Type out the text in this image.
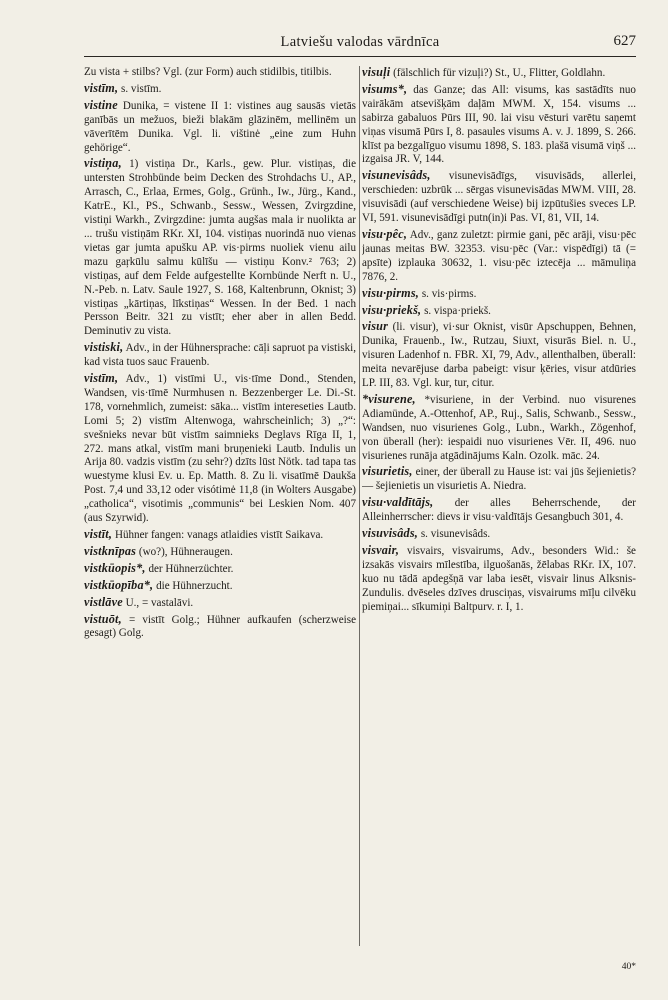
Latviešu valodas vārdnīca	627

Zu vista + stilbs? Vgl. (zur Form) auch stidilbis, titilbis.

vistīm, s. vistīm.

vistine Dunika, = vistene II 1: vistines aug sausās vietās ganībās un mežuos, bieži blakām glāzinēm, mellinēm un vāverītēm Dunika. Vgl. li. vištinė „eine zum Huhn gehörige“.

vistiņa, 1) vistiņa Dr., Karls., gew. Plur. vistiņas, die untersten Strohbünde beim Decken des Strohdachs U., AP., Arrasch, C., Erlaa, Ermes, Golg., Grünh., Iw., Jürg., Kand., KatrE., Kl., PS., Schwanb., Sessw., Wessen, Zvirgzdine, vistiņi Warkh., Zvirgzdine: jumta augšas mala ir nuolikta ar ... trušu vistiņām RKr. XI, 104. vistiņas nuorindā nuo vienas vietas gar jumta apušku AP. vis·pirms nuoliek vienu ailu mazu gaŗkūlu salmu kūlīšu — vistiņu Konv.² 763; 2) vistiņas, auf dem Felde aufgestellte Kornbünde Nerft n. U., N.-Peb. n. Latv. Saule 1927, S. 168, Kaltenbrunn, Oknist; 3) vistiņas „kārtiņas, līkstiņas“ Wessen. In der Bed. 1 nach Persson Beitr. 321 zu vistīt; eher aber in allen Bedd. Deminutiv zu vista.

vistiski, Adv., in der Hühnersprache: cāļi sapruot pa vistiski, kad vista tuos sauc Frauenb.

vistīm, Adv., 1) vistīmi U., vis·tīme Dond., Stenden, Wandsen, vis·tīmē Nurmhusen n. Bezzenberger Le. Di.-St. 178, vornehmlich, zumeist: sāka... vistīm intereseties Lautb. Lomi 5; 2) vistīm Altenwoga, wahrscheinlich; 3) „?“: svešnieks nevar būt vistīm saimnieks Deglavs Rīga II, 1, 272. mans atkal, vistīm mani bruņenieki Lautb. Indulis un Arija 80. vadzis vistīm (zu sehr?) dzīts lūst Nötk. tad tapa tas wuestyme klusi Ev. u. Ep. Matth. 8. Zu li. visatīmē Daukša Post. 7,4 und 33,12 oder visótimė 11,8 (in Wolters Ausgabe) „catholica“, visotimis „communis“ bei Leskien Nom. 407 (aus Szyrwid).

vistīt, Hühner fangen: vanags atlaidies vistīt Saikava.

vistknīpas (wo?), Hühneraugen.

vistkūopis*, der Hühnerzüchter.

vistkūopība*, die Hühnerzucht.

vistlāve U., = vastalāvi.

vistuōt, = vistīt Golg.; Hühner aufkaufen (scherzweise gesagt) Golg.

visuļi (fälschlich für vizuļi?) St., U., Flitter, Goldlahn.

visums*, das Ganze; das All: visums, kas sastādīts nuo vairākām atsevišķām daļām MWM. X, 154. visums ... sabirza gabaluos Pūrs III, 90. lai visu vēsturi varētu saņemt viņas visumā Pūrs I, 8. pasaules visums A. v. J. 1899, S. 266. klīst pa bezgalīguo visumu 1898, S. 183. plašā visumā viņš ... izgaisa JR. V, 144.

visunevisâds, visunevisādīgs, visuvisāds, allerlei, verschieden: uzbrūk ... sērgas visunevisādas MWM. VIII, 28. visuvisādi (auf verschiedene Weise) bij izpūtušies sveces LP. VI, 591. visunevisādīgi putn(in)i Pas. VI, 81, VII, 14.

visu·pêc, Adv., ganz zuletzt: pirmie gani, pēc arāji, visu·pēc jaunas meitas BW. 32353. visu·pēc (Var.: vispēdīgi) tā (= apsīte) izplauka 30632, 1. visu·pēc iztecēja ... māmuliņa 7876, 2.

visu·pirms, s. vis·pirms.

visu·priekš, s. vispa·priekš.

visur (li. visur), vi·sur Oknist, visūr Apschuppen, Behnen, Dunika, Frauenb., Iw., Rutzau, Siuxt, visurās Biel. n. U., visuren Ladenhof n. FBR. XI, 79, Adv., allenthalben, überall: meita nevarējuse darba pabeigt: visur ķēries, visur atdūries LP. III, 83. Vgl. kur, tur, citur.

*visurene, *visuriene, in der Verbind. nuo visurenes Adiamünde, A.-Ottenhof, AP., Ruj., Salis, Schwanb., Sessw., Wandsen, nuo visurienes Golg., Lubn., Warkh., Zögenhof, von überall (her): iespaidi nuo visurienes Vēr. II, 496. nuo visurienes runāja atgādinājums Kaln. Ozolk. māc. 24.

visurietis, einer, der überall zu Hause ist: vai jūs šejienietis? — šejienietis un visurietis A. Niedra.

visu·valdītājs, der alles Beherrschende, der Alleinherrscher: dievs ir visu·valdītājs Gesangbuch 301, 4.

visuvisâds, s. visunevisâds.

visvair, visvairs, visvairums, Adv., besonders Wid.: še izsakās visvairs mīlestība, ilguošanās, žēlabas RKr. IX, 107. kuo nu tādā apdegšņā var laba iesēt, visvair linus Alksnis-Zundulis. dvēseles dzīves drusciņas, visvairums mīļu cilvēku piemiņai... sīkumiņi Baltpurv. r. I, 1.

40*
